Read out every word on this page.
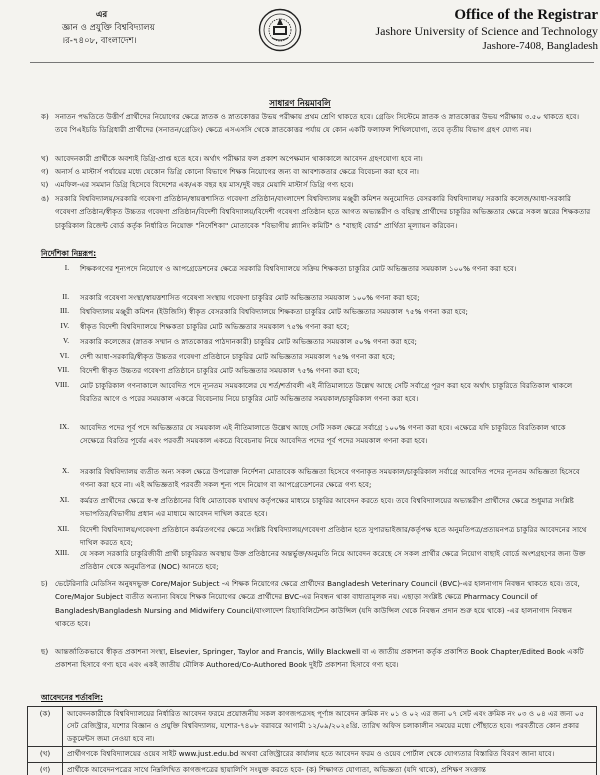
এর
জ্ঞান ও প্রযুক্তি বিশ্ববিদ্যালয়
।র-৭৪০৮, বাংলাদেশ।
Office of the Registrar
Jashore University of Science and Technology
Jashore-7408, Bangladesh
সাধারণ নিয়মাবলি
ক) সনাতন পদ্ধতিতে উত্তীর্ণ প্রার্থীদের নিয়োগের ক্ষেত্রে স্নাতক ও স্নাতকোত্তর উভয় পরীক্ষায় প্রথম শ্রেণি থাকতে হবে। গ্রেডিং সিস্টেমে স্নাতক ও স্নাতকোত্তর উভয় পরীক্ষায় ৩.৫০ থাকতে হবে। তবে পিএইচডি ডিগ্রিধারী প্রার্থীদের (সনাতন/গ্রেডিং) ক্ষেত্রে এসএসসি থেকে স্নাতকোত্তর পর্যায় যে কোন একটি ফলাফল শিথিলযোগ্য, তবে তৃতীয় বিভাগ গ্রহণ যোগ্য নয়।
খ) আবেদনকারী প্রার্থীকে অবশ্যই ডিগ্রি-প্রাপ্ত হতে হবে। অর্থাৎ পরীক্ষার ফল প্রকাশ অপেক্ষমান থাকাকালে আবেদন গ্রহণযোগ্য হবে না।
গ) অনার্স ও মাস্টার্স পর্যায়ের মধ্যে যেকোন ডিগ্রি কোনো বিভাগে শিক্ষক নিয়োগের জন্য বা আবশ্যকতার ক্ষেত্রে বিবেচনা করা হবে না।
ঘ) এমফিল-এর সমমান ডিগ্রি হিসেবে বিদেশের এক/এক বছর হয় মাস/দুই বছর মেয়াদি মাস্টার্স ডিগ্রি গণ্য হবে।
ঙ) সরকারি বিশ্ববিদ্যালয়/সরকারি গবেষণা প্রতিষ্ঠান/স্বায়ত্তশাসিত গবেষণা প্রতিষ্ঠান/বাংলাদেশ বিশ্ববিদ্যালয় মঞ্জুরী কমিশন অনুমোদিত বেসরকারি বিশ্ববিদ্যালয়/ সরকারি কলেজ/আধা-সরকারি গবেষণা প্রতিষ্ঠান/স্বীকৃত উচ্চতর গবেষণা প্রতিষ্ঠান/বিদেশী বিশ্ববিদ্যালয়/বিদেশী গবেষণা প্রতিষ্ঠান হতে আগত অভ্যন্তরীণ ও বহিরস্থ প্রার্থীদের চাকুরির অভিজ্ঞতার ক্ষেত্রে সকল স্তরের শিক্ষকতার চাকুরিকাল রিজেন্ট বোর্ড কর্তৃক নির্ধারিত নিয়োক্ত "নির্দেশিকা" মোতাবেক "বিভাগীয় প্ল্যানিং কমিটি" ও "বাছাই বোর্ড" প্রার্থিতা মূল্যায়ন করিবেন।
নির্দেশিকা নিম্নরূপ:
I. শিক্ষকগণের শূন্যপদে নিয়োগে ও আপগ্রেডেশনের ক্ষেত্রে সরকারি বিশ্ববিদ্যালয়ে সক্রিয় শিক্ষকতা চাকুরির মোট অভিজ্ঞতার সময়কাল ১০০% গণনা করা হবে।
II. সরকারি গবেষণা সংস্থা/স্বায়ত্তশাসিত গবেষণা সংস্থায় গবেষণা চাকুরির মোট অভিজ্ঞতার সময়কাল ১০০% গণনা করা হবে;
III. বিশ্ববিদ্যালয় মঞ্জুরী কমিশন (ইউজিসি) স্বীকৃত বেসরকারি বিশ্ববিদ্যালয়ে শিক্ষকতা চাকুরির মোট অভিজ্ঞতার সময়কাল ৭৫% গণনা করা হবে;
IV. স্বীকৃত বিদেশী বিশ্ববিদ্যালয়ে শিক্ষকতা চাকুরির মোট অভিজ্ঞতার সময়কাল ৭৫% গণনা করা হবে;
V. সরকারি কলেজের (স্নাতক সম্মান ও স্নাতকোত্তর পাঠদানকারী) চাকুরির মোট অভিজ্ঞতার সময়কাল ৫০% গণনা করা হবে;
VI. দেশী আধা-সরকারি/স্বীকৃত উচ্চতর গবেষণা প্রতিষ্ঠানে চাকুরির মোট অভিজ্ঞতার সময়কাল ৭৫% গণনা করা হবে;
VII. বিদেশী স্বীকৃত উচ্চতর গবেষণা প্রতিষ্ঠানে চাকুরির মোট অভিজ্ঞতার সময়কাল ৭৫% গণনা করা হবে;
VIII. মোট চাকুরিকাল গণনাকালে আবেদিত পদে ন্যূনতম সময়কালের যে শর্ত/শর্তাবলী এই নীতিমালাতে উল্লেখ আছে সেটি সর্বাগ্রে পূরণ করা হবে অর্থাৎ চাকুরিতে বিরতিকাল থাকলে বিরতির আগে ও পরের সময়কাল একত্রে বিবেচনায় নিয়ে চাকুরির মোট অভিজ্ঞতার সময়কাল/চাকুরিকাল গণনা করা হবে।
IX. আবেদিত পদের পূর্ব পদে অভিজ্ঞতার যে সময়কাল এই নীতিমালাতে উল্লেখ আছে সেটি সকল ক্ষেত্রে সর্বাগ্রে ১০০% গণনা করা হবে। এক্ষেত্রে যদি চাকুরিতে বিরতিকাল থাকে সেক্ষেত্রে বিরতির পূর্বের এবং পরবর্তী সময়কাল একত্রে বিবেচনায় নিয়ে আবেদিত পদের পূর্ব পদের সময়কাল গণনা করা হবে।
X. সরকারি বিশ্ববিদ্যালয় ব্যতীত অন্য সকল ক্ষেত্রে উপরোক্ত নির্দেশনা মোতাবেক অভিজ্ঞতা হিসেবে গণনাকৃত সময়কাল/চাকুরিকাল সর্বাগ্রে আবেদিত পদের ন্যূনতম অভিজ্ঞতা হিসেবে গণনা করা হবে না। এই অভিজ্ঞতাই পরবর্তী সকল শূন্য পদে নিয়োগ বা আপগ্রেডেশনের ক্ষেত্রে গণ্য হবে;
XI. কর্মরত প্রার্থীদের ক্ষেত্রে স্ব-স্ব প্রতিষ্ঠানের বিধি মোতাবেক যথাযথ কর্তৃপক্ষের মাধ্যমে চাকুরির আবেদন করতে হবে। তবে বিশ্ববিদ্যালয়ের অভ্যন্তরীণ প্রার্থীদের ক্ষেত্রে শুধুমাত্র সংশ্লিষ্ট সভাপতির/বিভাগীয় প্রধান এর মাধ্যমে আবেদন দাখিল করতে হবে।
XII. বিদেশী বিশ্ববিদ্যালয়/গবেষণা প্রতিষ্ঠানে কর্মরতগণের ক্ষেত্রে সংশ্লিষ্ট বিশ্ববিদ্যালয়/গবেষণা প্রতিষ্ঠান হতে সুপারভাইজার/কর্তৃপক্ষ হতে অনুমতিপত্র/প্রত্যয়নপত্র চাকুরির আবেদনের সাথে দাখিল করতে হবে;
XIII. যে সকল সরকারি চাকুরিজীবী প্রার্থী চাকুরিরত অবস্থায় উক্ত প্রতিষ্ঠানের অন্তর্ভুক্ত/অনুমতি নিয়ে আবেদন করেছে সে সকল প্রার্থীর ক্ষেত্রে নিয়োগ বাছাই বোর্ডে অংশগ্রহণের জন্য উক্ত প্রতিষ্ঠান থেকে অনুমতিপত্র (NOC) আনতে হবে;
চ) ভেটেরিনারি মেডিসিন অনুষদভুক্ত Core/Major Subject -এ শিক্ষক নিয়োগের ক্ষেত্রে প্রার্থীদের Bangladesh Veterinary Council (BVC)-এর হালনাগাদ নিবন্ধন থাকতে হবে। তবে, Core/Major Subject ব্যতীত অন্যান্য বিষয়ে শিক্ষক নিয়োগের ক্ষেত্রে প্রার্থীদের BVC-এর নিবন্ধন থাকা বাধ্যতামূলক নয়। এছাড়া সংশ্লিষ্ট ক্ষেত্রে Pharmacy Council of Bangladesh/Bangladesh Nursing and Midwifery Council/বাংলাদেশ রিহ্যাবিলিটেশন কাউন্সিল (যদি কাউন্সিল থেকে নিবন্ধন প্রদান শুরু হয়ে থাকে) -এর হালনাগাদ নিবন্ধন থাকতে হবে।
ছ) আন্তর্জাতিকভাবে স্বীকৃত প্রকাশনা সংস্থা, Elsevier, Springer, Taylor and Francis, Willy Blackwell বা এ জাতীয় প্রকাশনা কর্তৃক প্রকাশিত Book Chapter/Edited Book একটি প্রকাশনা হিসাবে গণ্য হবে এবং একই জাতীয় মৌলিক Authored/Co-Authored Book দুইটি প্রকাশনা হিসাবে গণ্য হবে।
আবেদনের শর্তাবলি:
(ক)	আবেদনকারীকে বিশ্ববিদ্যালয়ের নির্ধারিত আবেদন ফরমে প্রয়োজনীয় সকল কাগজপত্রসহ পূর্ণাঙ্গ আবেদন ক্রমিক নং ০১ ও ০২ এর জন্য ০৭ সেট এবং ক্রমিক নং ০৩ ও ০৪ এর জন্য ০৫ সেট রেজিস্ট্রার, যশোর বিজ্ঞান ও প্রযুক্তি বিশ্ববিদ্যালয়, যশোর-৭৪০৮ বরাবরে আগামী ১২/০৯/২০২৫খ্রি. তারিখ অফিস চলাকালীন সময়ের মধ্যে পৌঁছাতে হবে। পরবর্তীতে কোন প্রকার ডকুমেন্টস জমা নেওয়া হবে না।
(খ)	প্রার্থীগণকে বিশ্ববিদ্যালয়ের ওয়েব সাইট www.just.edu.bd অথবা রেজিস্ট্রারের কার্যালয় হতে আবেদন ফরম ও ওয়েব পোর্টাল থেকে যোগ্যতার বিস্তারিত বিবরণ জানা যাবে।
(গ)	প্রার্থীকে আবেদনপত্রের সাথে নিম্নলিখিত কাগজপত্রের ছায়ালিপি সংযুক্ত করতে হবে- (ক) শিক্ষাগত যোগ্যতা, অভিজ্ঞতা (যদি থাকে), প্রশিক্ষণ সংক্রান্ত
